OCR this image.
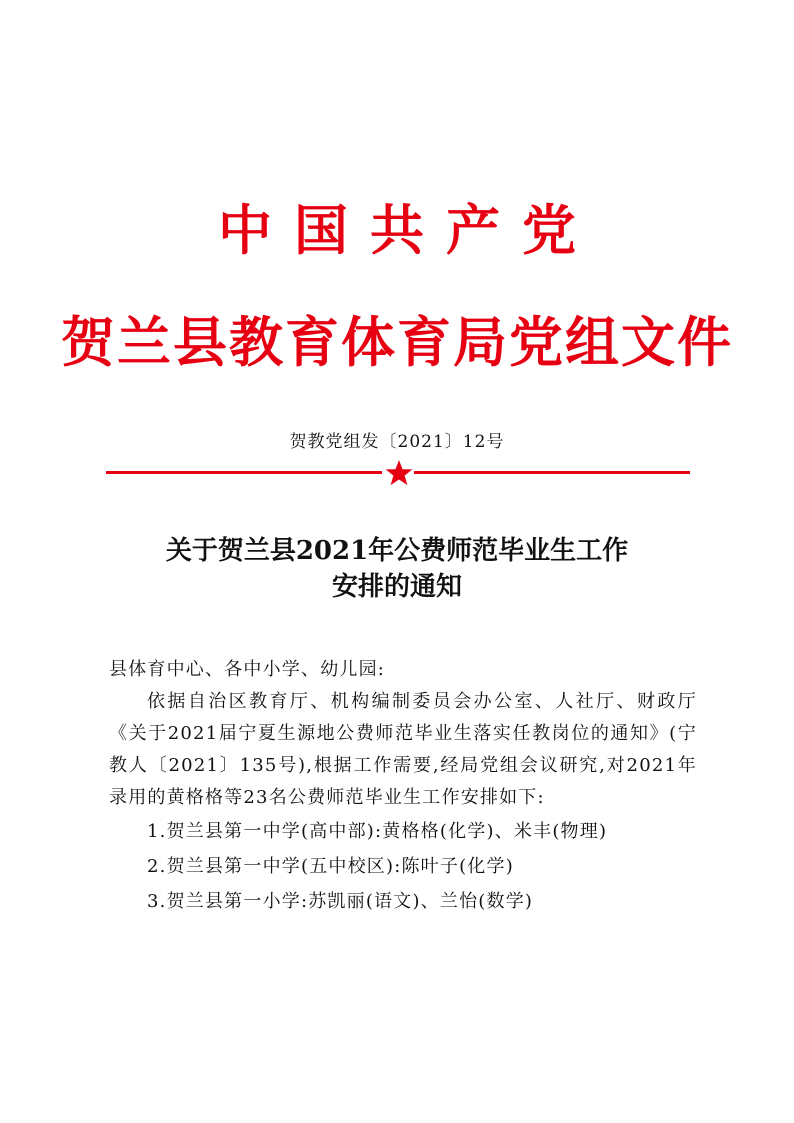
中国共产党
贺兰县教育体育局党组文件
贺教党组发〔2021〕12号
关于贺兰县2021年公费师范毕业生工作
安排的通知

县体育中心、各中小学、幼儿园:

依据自治区教育厅、机构编制委员会办公室、人社厅、财政厅《关于2021届宁夏生源地公费师范毕业生落实任教岗位的通知》(宁教人〔2021〕135号),根据工作需要,经局党组会议研究,对2021年录用的黄格格等23名公费师范毕业生工作安排如下:

1.贺兰县第一中学(高中部):黄格格(化学)、米丰(物理)

2.贺兰县第一中学(五中校区):陈叶子(化学)

3.贺兰县第一小学:苏凯丽(语文)、兰怡(数学)
